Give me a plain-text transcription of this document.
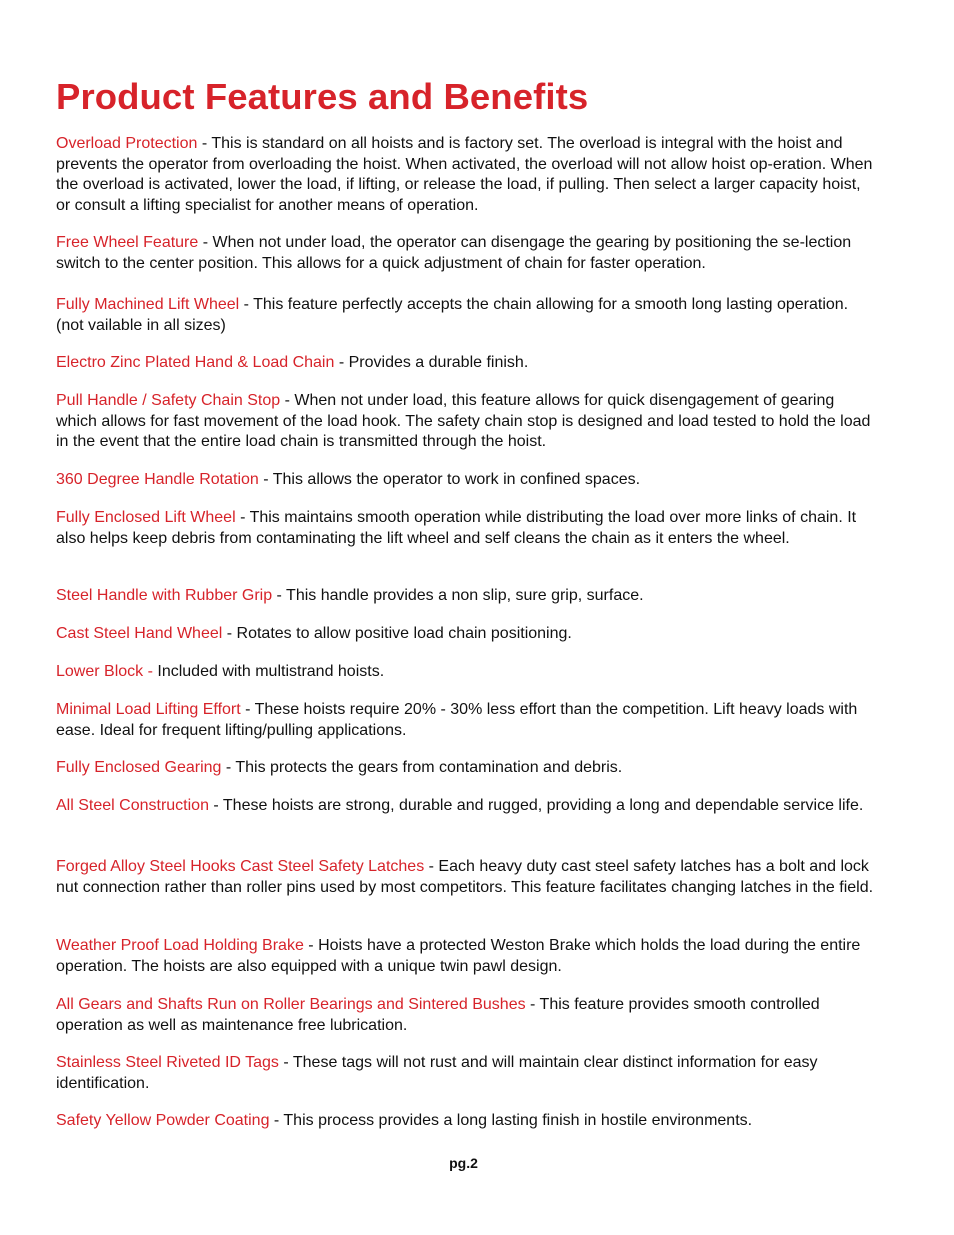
Product Features and Benefits

Overload Protection - This is standard on all hoists and is factory set. The overload is integral with the hoist and prevents the operator from overloading the hoist. When activated, the overload will not allow hoist op-eration. When the overload is activated, lower the load, if lifting, or release the load, if pulling. Then select a larger capacity hoist, or consult a lifting specialist for another means of operation.

Free Wheel Feature - When not under load, the operator can disengage the gearing by positioning the se-lection switch to the center position. This allows for a quick adjustment of chain for faster operation.

Fully Machined Lift Wheel - This feature perfectly accepts the chain allowing for a smooth long lasting operation. (not vailable in all sizes)

Electro Zinc Plated Hand & Load Chain - Provides a durable finish.

Pull Handle / Safety Chain Stop - When not under load, this feature allows for quick disengagement of gearing which allows for fast movement of the load hook. The safety chain stop is designed and load tested to hold the load in the event that the entire load chain is transmitted through the hoist.

360 Degree Handle Rotation - This allows the operator to work in confined spaces.

Fully Enclosed Lift Wheel - This maintains smooth operation while distributing the load over more links of chain. It also helps keep debris from contaminating the lift wheel and self cleans the chain as it enters the wheel.

Steel Handle with Rubber Grip - This handle provides a non slip, sure grip, surface.

Cast Steel Hand Wheel - Rotates to allow positive load chain positioning.

Lower Block - Included with multistrand hoists.

Minimal Load Lifting Effort - These hoists require 20% - 30% less effort than the competition. Lift heavy loads with ease. Ideal for frequent lifting/pulling applications.

Fully Enclosed Gearing - This protects the gears from contamination and debris.

All Steel Construction - These hoists are strong, durable and rugged, providing a long and dependable service life.

Forged Alloy Steel Hooks Cast Steel Safety Latches - Each heavy duty cast steel safety latches has a bolt and lock nut connection rather than roller pins used by most competitors. This feature facilitates changing latches in the field.

Weather Proof Load Holding Brake - Hoists have a protected Weston Brake which holds the load during the entire operation. The hoists are also equipped with a unique twin pawl design.

All Gears and Shafts Run on Roller Bearings and Sintered Bushes - This feature provides smooth controlled operation as well as maintenance free lubrication.

Stainless Steel Riveted ID Tags - These tags will not rust and will maintain clear distinct information for easy identification.

Safety Yellow Powder Coating - This process provides a long lasting finish in hostile environments.

pg.2
